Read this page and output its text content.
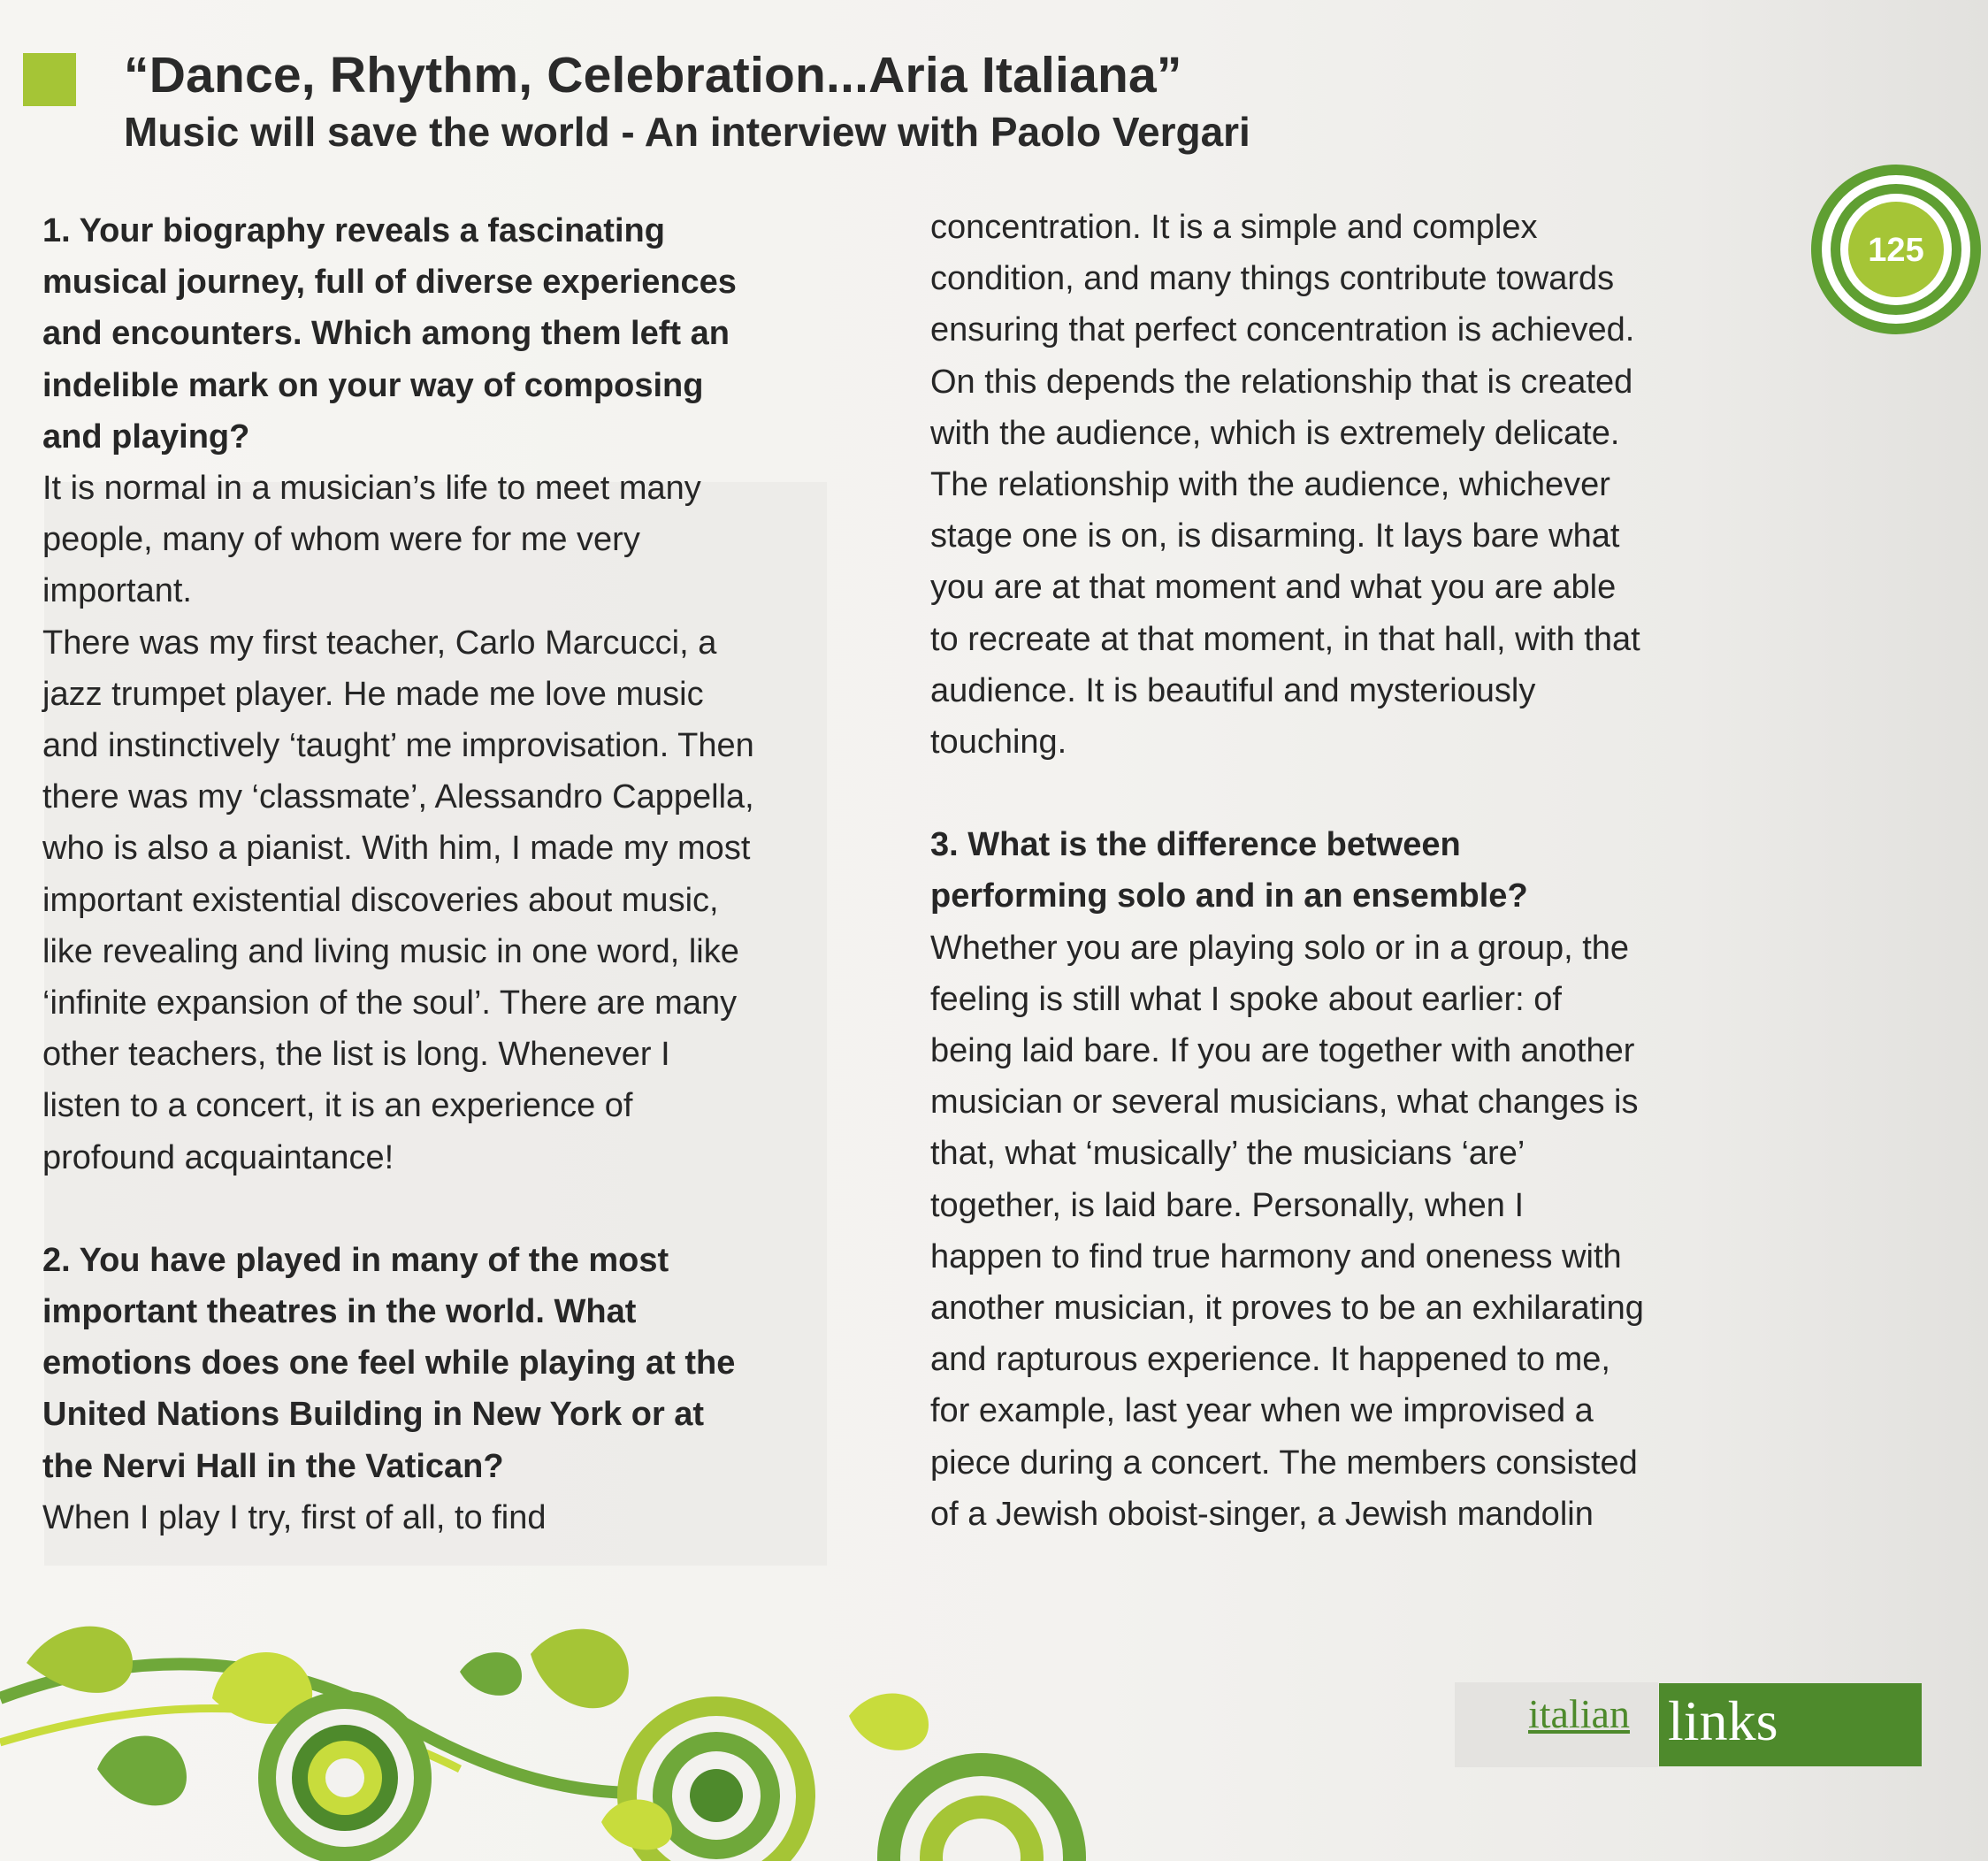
“Dance, Rhythm, Celebration...Aria Italiana”
Music will save the world - An interview with Paolo Vergari

1. Your biography reveals a fascinating

musical journey, full of diverse experiences

and encounters. Which among them left an

indelible mark on your way of composing

and playing?

It is normal in a musician’s life to meet many

people, many of whom were for me very

important.

There was my first teacher, Carlo Marcucci, a

jazz trumpet player. He made me love music

and instinctively ‘taught’ me improvisation. Then

there was my ‘classmate’, Alessandro Cappella,

who is also a pianist. With him, I made my most

important existential discoveries about music,

like revealing and living music in one word, like

‘infinite expansion of the soul’. There are many

other teachers, the list is long. Whenever I

listen to a concert, it is an experience of

profound acquaintance!

2. You have played in many of the most

important theatres in the world. What

emotions does one feel while playing at the

United Nations Building in New York or at

the Nervi Hall in the Vatican?

When I play I try, first of all, to find

concentration. It is a simple and complex

condition, and many things contribute towards

ensuring that perfect concentration is achieved.

On this depends the relationship that is created

with the audience, which is extremely delicate.

The relationship with the audience, whichever

stage one is on, is disarming. It lays bare what

you are at that moment and what you are able

to recreate at that moment, in that hall, with that

audience. It is beautiful and mysteriously

touching.

3. What is the difference between

performing solo and in an ensemble?

Whether you are playing solo or in a group, the

feeling is still what I spoke about earlier: of

being laid bare. If you are together with another

musician or several musicians, what changes is

that, what ‘musically’ the musicians ‘are’

together, is laid bare. Personally, when I

happen to find true harmony and oneness with

another musician, it proves to be an exhilarating

and rapturous experience. It happened to me,

for example, last year when we improvised a

piece during a concert. The members consisted

of a Jewish oboist-singer, a Jewish mandolin

125
italian links
